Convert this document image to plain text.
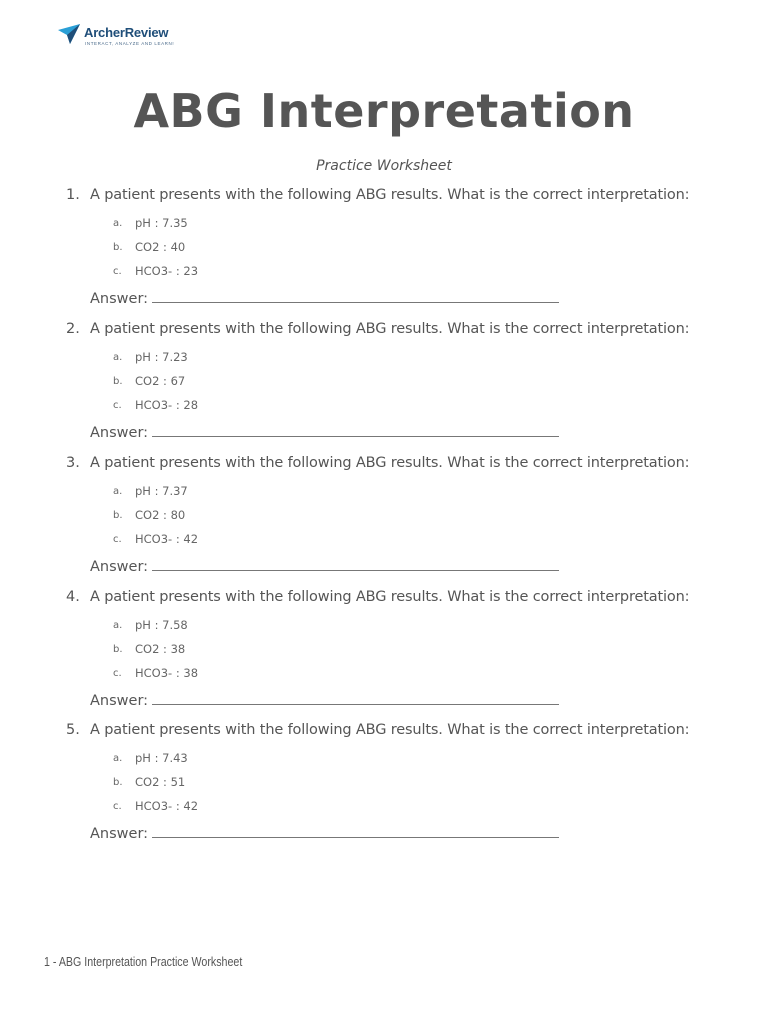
ArcherReview
INTERACT, ANALYZE AND LEARN!
ABG Interpretation
Practice Worksheet
1. A patient presents with the following ABG results. What is the correct interpretation:
a. pH : 7.35
b. CO2 : 40
c. HCO3- : 23
Answer:
2. A patient presents with the following ABG results. What is the correct interpretation:
a. pH : 7.23
b. CO2 : 67
c. HCO3- : 28
Answer:
3. A patient presents with the following ABG results. What is the correct interpretation:
a. pH : 7.37
b. CO2 : 80
c. HCO3- : 42
Answer:
4. A patient presents with the following ABG results. What is the correct interpretation:
a. pH : 7.58
b. CO2 : 38
c. HCO3- : 38
Answer:
5. A patient presents with the following ABG results. What is the correct interpretation:
a. pH : 7.43
b. CO2 : 51
c. HCO3- : 42
Answer:
1 - ABG Interpretation Practice Worksheet
